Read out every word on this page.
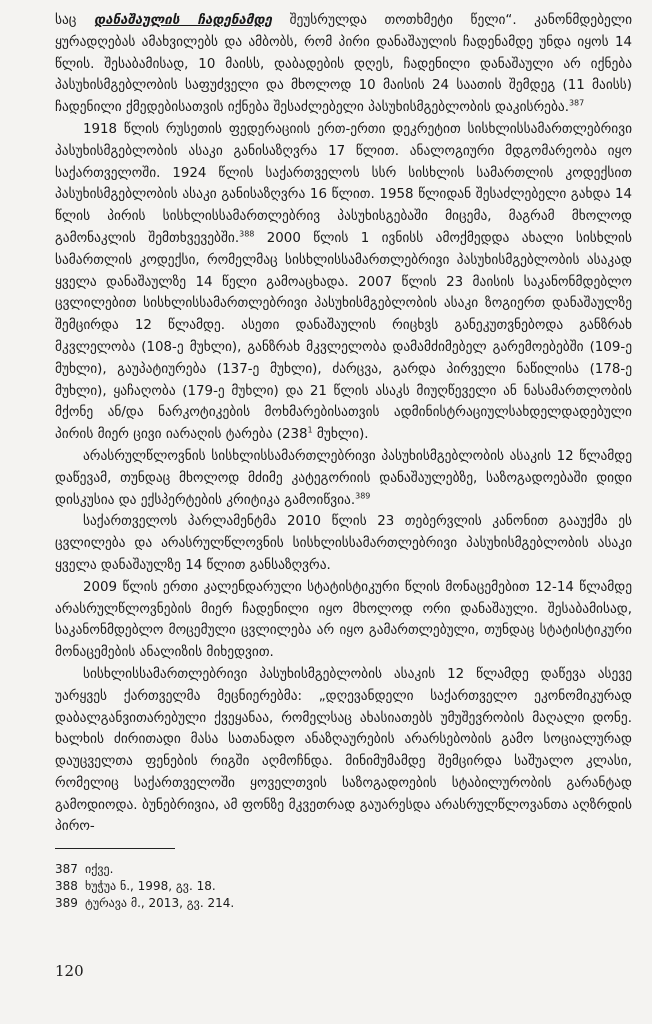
საც დანაშაულის ჩადენამდე შეუსრულდა თოთხმეტი წელი“. კანონმდებელი ყურადღებას ამახვილებს და ამბობს, რომ პირი დანაშაულის ჩადენამდე უნდა იყოს 14 წლის. შესაბამისად, 10 მაისს, დაბადების დღეს, ჩადენილი დანაშაული არ იქნება პასუხისმგებლობის საფუძველი და მხოლოდ 10 მაისის 24 საათის შემდეგ (11 მაისს) ჩადენილი ქმედებისათვის იქნება შესაძლებელი პასუხისმგებლობის დაკისრება.$^{387}$

1918 წლის რუსეთის ფედერაციის ერთ-ერთი დეკრეტით სისხლისსამართლებრივი პასუხისმგებლობის ასაკი განისაზღვრა 17 წლით. ანალოგიური მდგომარეობა იყო საქართველოში. 1924 წლის საქართველოს სსრ სისხლის სამართლის კოდექსით პასუხისმგებლობის ასაკი განისაზღვრა 16 წლით. 1958 წლიდან შესაძლებელი გახდა 14 წლის პირის სისხლისსამართლებრივ პასუხისგებაში მიცემა, მაგრამ მხოლოდ გამონაკლის შემთხვევებში.$^{388}$ 2000 წლის 1 ივნისს ამოქმედდა ახალი სისხლის სამართლის კოდექსი, რომელმაც სისხლისსამართლებრივი პასუხისმგებლობის ასაკად ყველა დანაშაულზე 14 წელი გამოაცხადა. 2007 წლის 23 მაისის საკანონმდებლო ცვლილებით სისხლისსამართლებრივი პასუხისმგებლობის ასაკი ზოგიერთ დანაშაულზე შემცირდა 12 წლამდე. ასეთი დანაშაულის რიცხვს განეკუთვნებოდა განზრახ მკვლელობა (108-ე მუხლი), განზრახ მკვლელობა დამამძიმებელ გარემოებებში (109-ე მუხლი), გაუპატიურება (137-ე მუხლი), ძარცვა, გარდა პირველი ნაწილისა (178-ე მუხლი), ყაჩაღობა (179-ე მუხლი) და 21 წლის ასაკს მიუღწეველი ან ნასამართლობის მქონე ან/და ნარკოტიკების მოხმარებისათვის ადმინისტრაციულსახდელდადებული პირის მიერ ცივი იარაღის ტარება ($238^1$ მუხლი).

არასრულწლოვნის სისხლისსამართლებრივი პასუხისმგებლობის ასაკის 12 წლამდე დაწევამ, თუნდაც მხოლოდ მძიმე კატეგორიის დანაშაულებზე, საზოგადოებაში დიდი დისკუსია და ექსპერტების კრიტიკა გამოიწვია.$^{389}$

საქართველოს პარლამენტმა 2010 წლის 23 თებერვლის კანონით გააუქმა ეს ცვლილება და არასრულწლოვნის სისხლისსამართლებრივი პასუხისმგებლობის ასაკი ყველა დანაშაულზე 14 წლით განსაზღვრა.

2009 წლის ერთი კალენდარული სტატისტიკური წლის მონაცემებით 12-14 წლამდე არასრულწლოვნების მიერ ჩადენილი იყო მხოლოდ ორი დანაშაული. შესაბამისად, საკანონმდებლო მოცემული ცვლილება არ იყო გამართლებული, თუნდაც სტატისტიკური მონაცემების ანალიზის მიხედვით.

სისხლისსამართლებრივი პასუხისმგებლობის ასაკის 12 წლამდე დაწევა ასევე უარყვეს ქართველმა მეცნიერებმა: „დღევანდელი საქართველო ეკონომიკურად დაბალგანვითარებული ქვეყანაა, რომელსაც ახასიათებს უმუშევრობის მაღალი დონე. ხალხის ძირითადი მასა სათანადო ანაზღაურების არარსებობის გამო სოციალურად დაუცველთა ფენების რიგში აღმოჩნდა. მინიმუმამდე შემცირდა საშუალო კლასი, რომელიც საქართველოში ყოველთვის საზოგადოების სტაბილურობის გარანტად გამოდიოდა. ბუნებრივია, ამ ფონზე მკვეთრად გაუარესდა არასრულწლოვანთა აღზრდის პირო-

387 იქვე.
388 ხუჭუა ნ., 1998, გვ. 18.
389 ტურავა მ., 2013, გვ. 214.
120
